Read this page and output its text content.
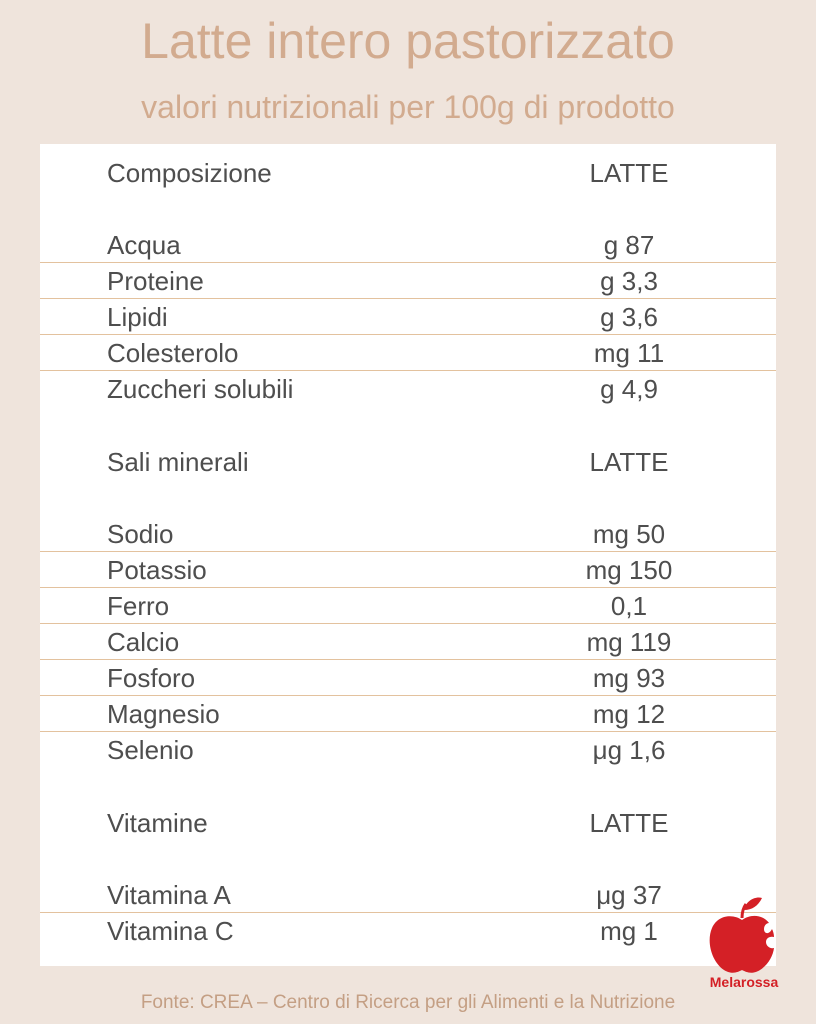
Latte intero pastorizzato
valori nutrizionali per 100g di prodotto
Composizione	LATTE
Acqua	g 87
Proteine	g 3,3
Lipidi	g 3,6
Colesterolo	mg 11
Zuccheri solubili	g 4,9
Sali minerali	LATTE
Sodio	mg 50
Potassio	mg 150
Ferro	0,1
Calcio	mg 119
Fosforo	mg 93
Magnesio	mg 12
Selenio	μg 1,6
Vitamine	LATTE
Vitamina A	μg 37
Vitamina C	mg 1
Melarossa
Fonte: CREA – Centro di Ricerca per gli Alimenti e la Nutrizione
